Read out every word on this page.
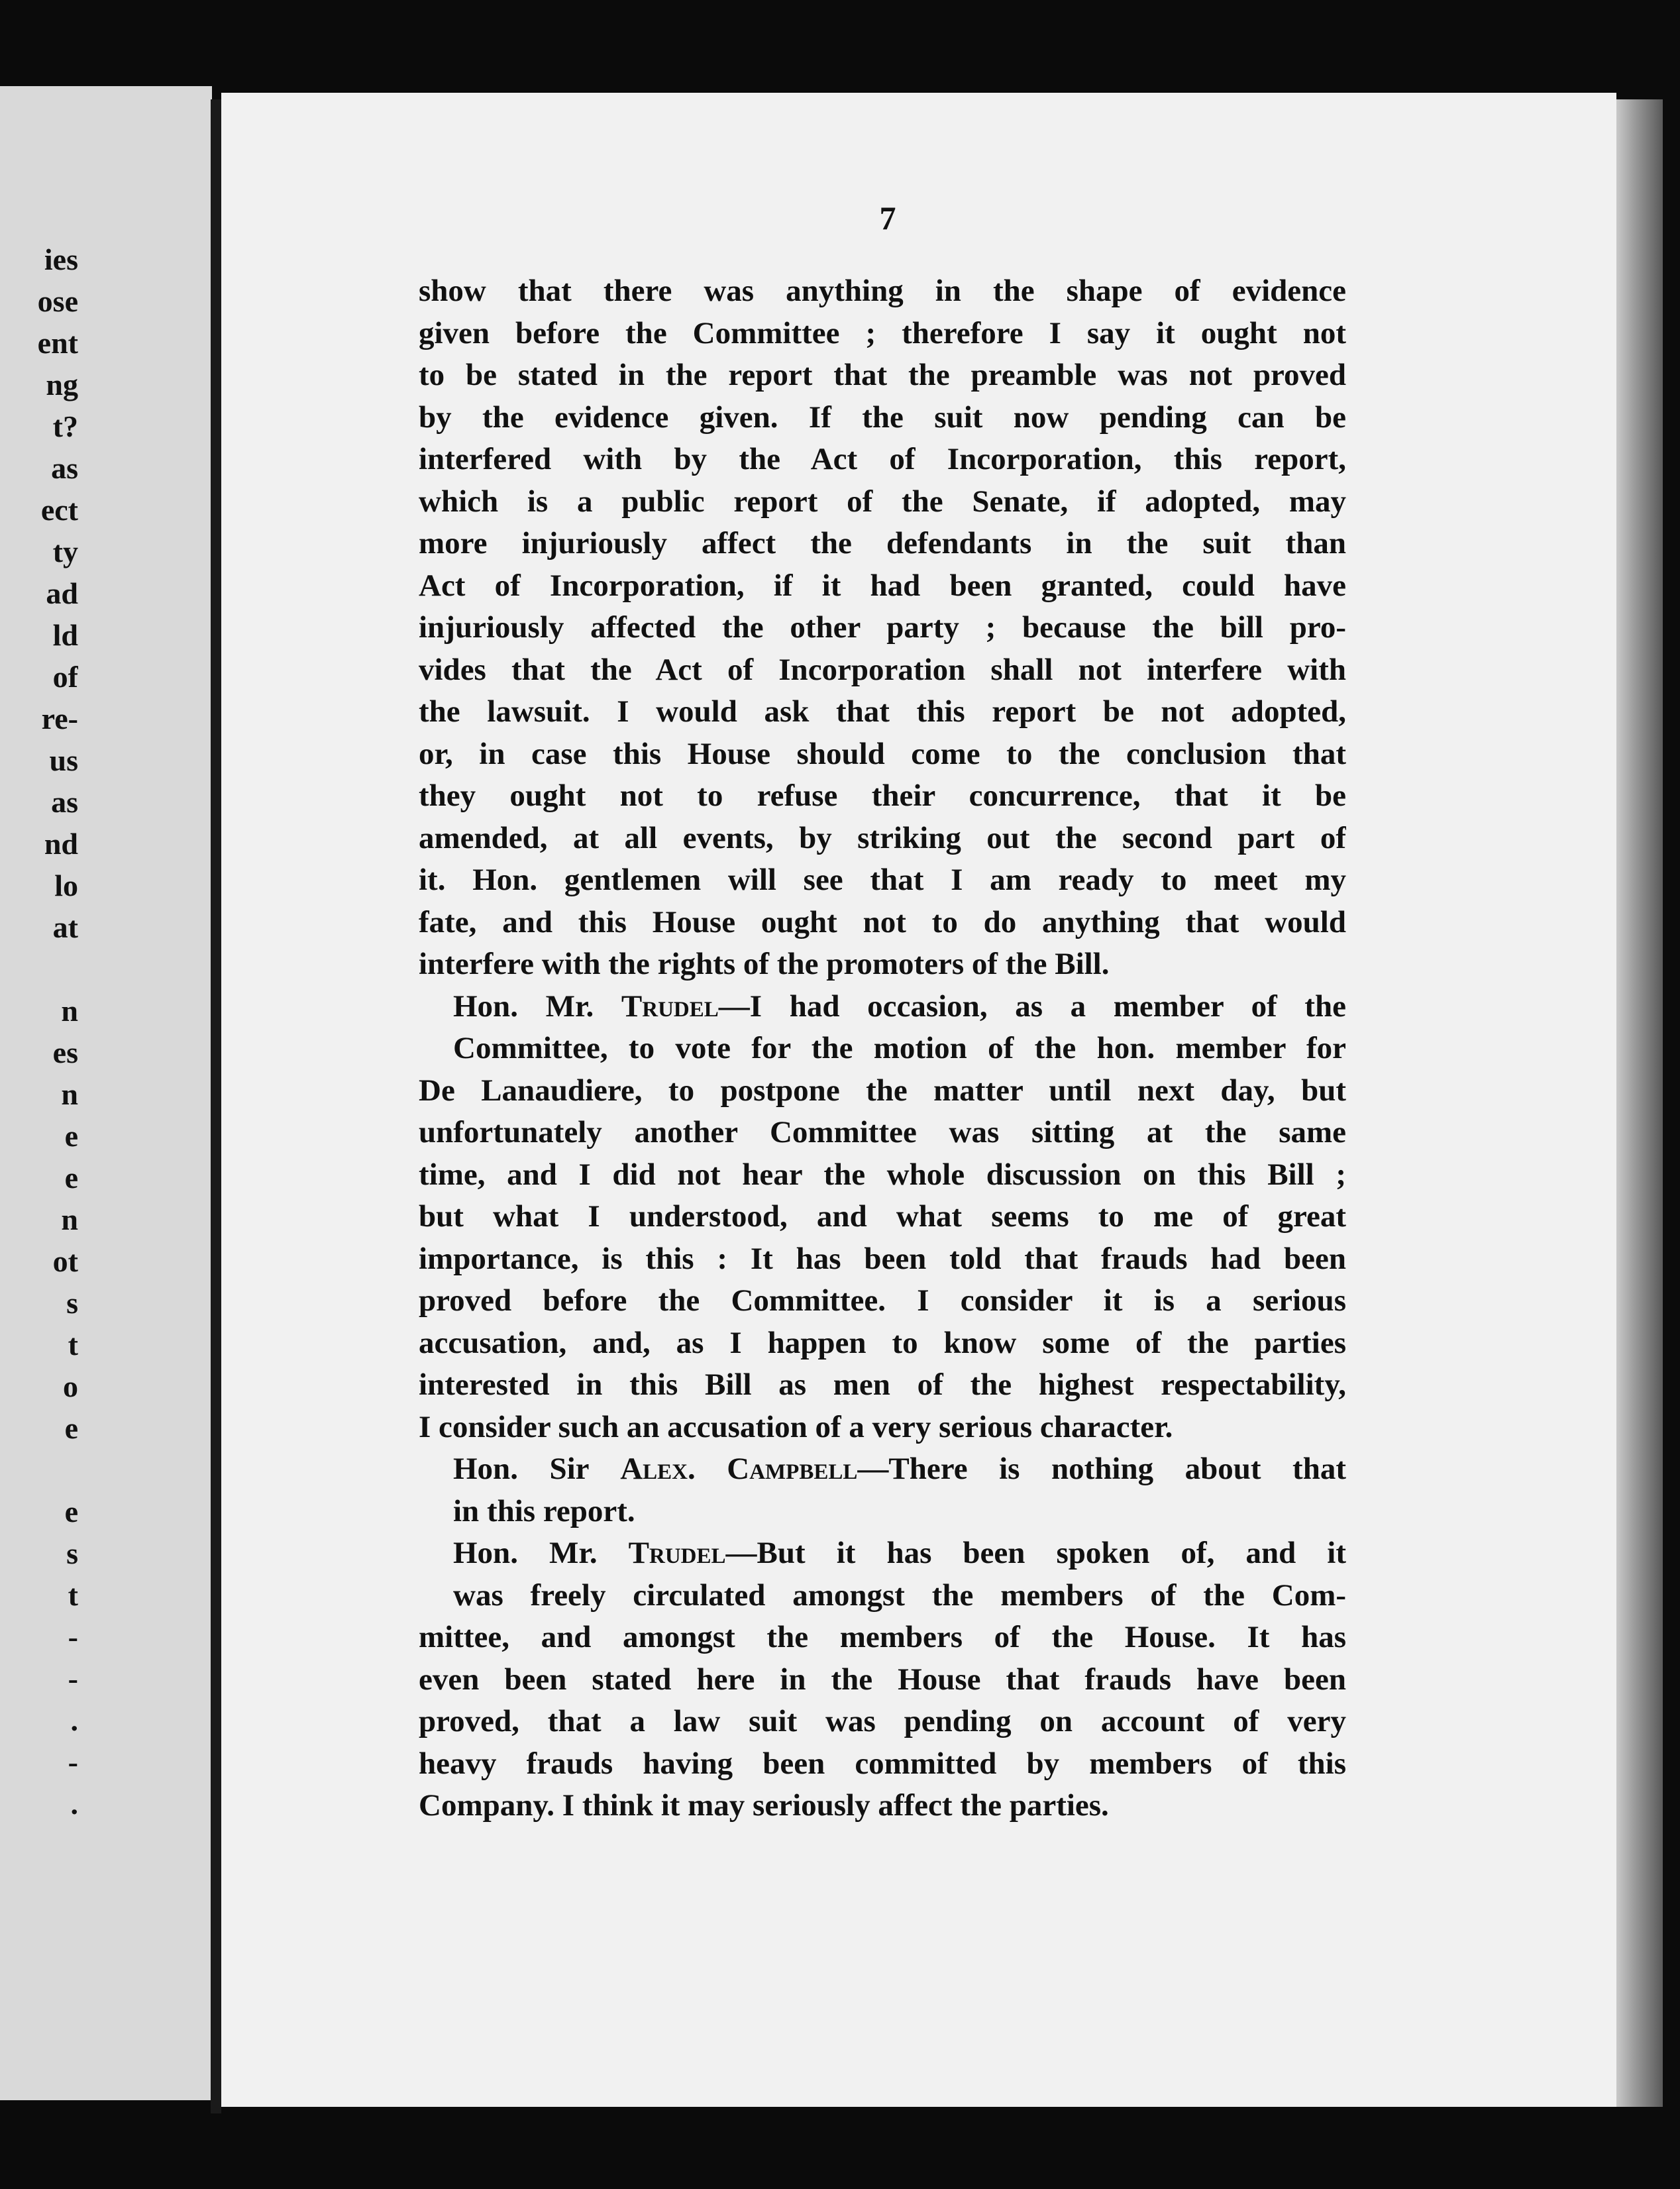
ies
ose
ent
ng
t?
as
ect
ty
ad
ld
of
re-
us
as
nd
lo
at
n
es
n
e
e
n
ot
s
t
o
e
e
s
t
-
-
.
-
.
7
show that there was anything in the shape of evidence
given before the Committee ; therefore I say it ought not
to be stated in the report that the preamble was not proved
by the evidence given. If the suit now pending can be
interfered with by the Act of Incorporation, this report,
which is a public report of the Senate, if adopted, may
more injuriously affect the defendants in the suit than
Act of Incorporation, if it had been granted, could have
injuriously affected the other party ; because the bill pro-
vides that the Act of Incorporation shall not interfere with
the lawsuit. I would ask that this report be not adopted,
or, in case this House should come to the conclusion that
they ought not to refuse their concurrence, that it be
amended, at all events, by striking out the second part of
it. Hon. gentlemen will see that I am ready to meet my
fate, and this House ought not to do anything that would
interfere with the rights of the promoters of the Bill.
Hon. Mr. Trudel—I had occasion, as a member of the
Committee, to vote for the motion of the hon. member for
De Lanaudiere, to postpone the matter until next day, but
unfortunately another Committee was sitting at the same
time, and I did not hear the whole discussion on this Bill ;
but what I understood, and what seems to me of great
importance, is this : It has been told that frauds had been
proved before the Committee. I consider it is a serious
accusation, and, as I happen to know some of the parties
interested in this Bill as men of the highest respectability,
I consider such an accusation of a very serious character.
Hon. Sir Alex. Campbell—There is nothing about that
in this report.
Hon. Mr. Trudel—But it has been spoken of, and it
was freely circulated amongst the members of the Com-
mittee, and amongst the members of the House. It has
even been stated here in the House that frauds have been
proved, that a law suit was pending on account of very
heavy frauds having been committed by members of this
Company. I think it may seriously affect the parties.
